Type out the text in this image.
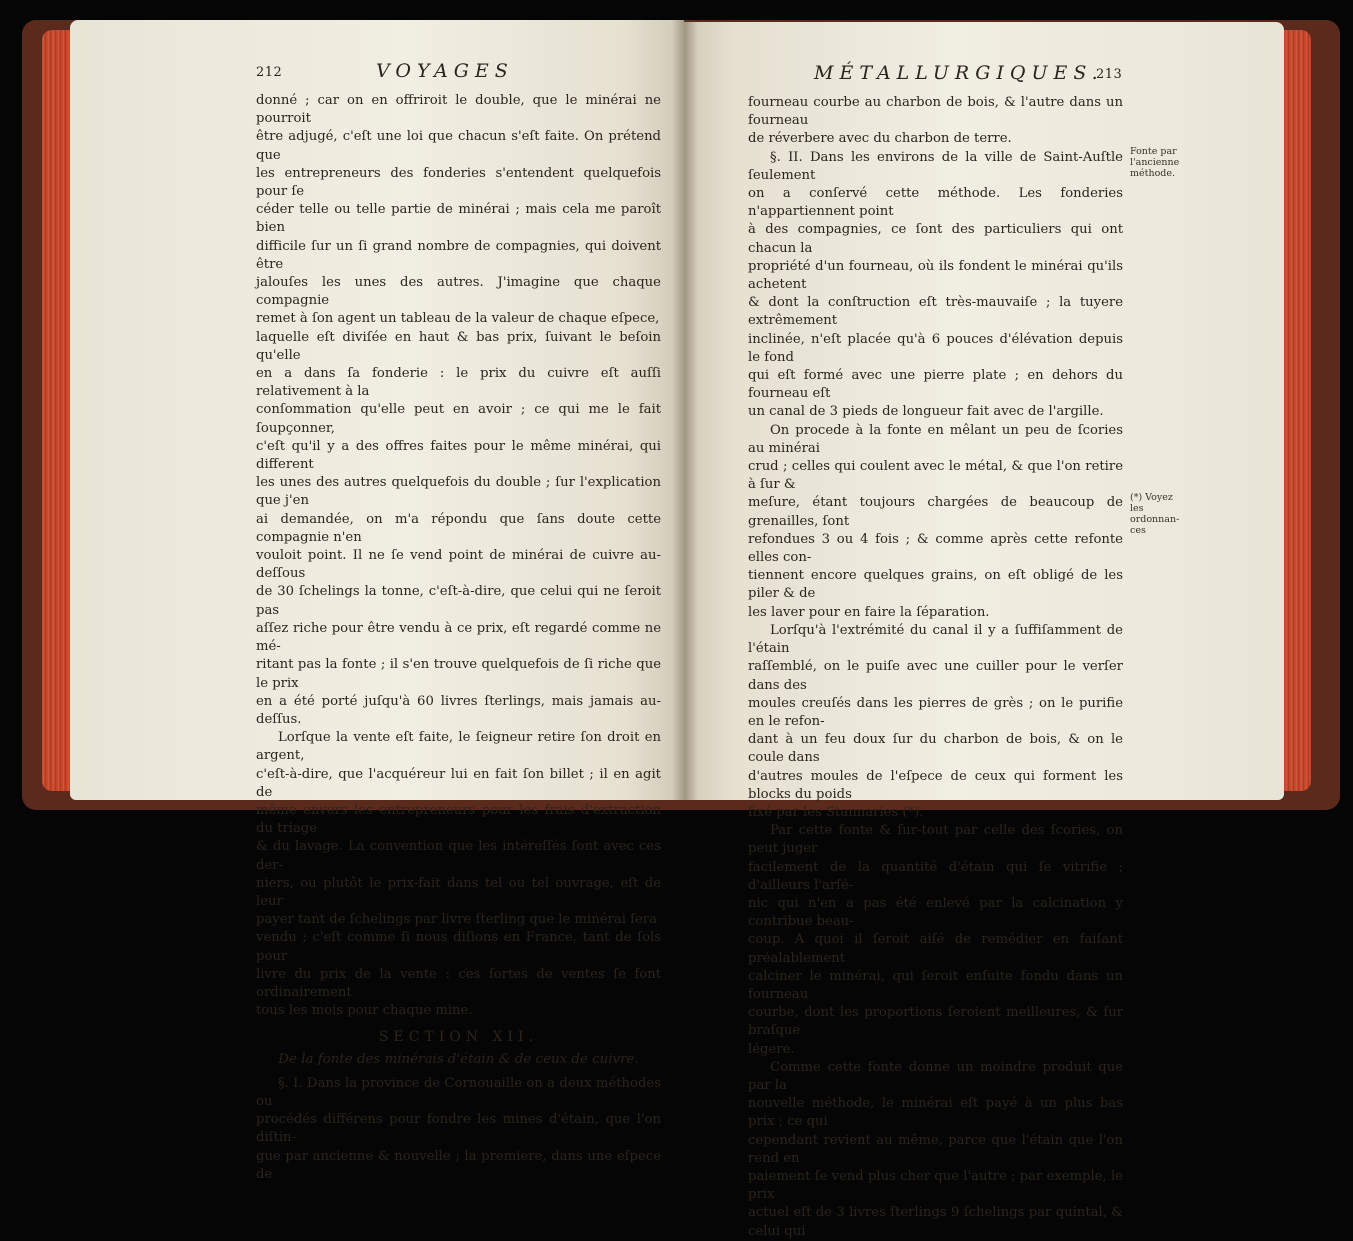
212	VOYAGES

donné ; car on en offriroit le double, que le minérai ne pourroit
être adjugé, c'eſt une loi que chacun s'eſt faite. On prétend que
les entrepreneurs des fonderies s'entendent quelquefois pour ſe
céder telle ou telle partie de minérai ; mais cela me paroît bien
difficile ſur un ſi grand nombre de compagnies, qui doivent être
jalouſes les unes des autres. J'imagine que chaque compagnie
remet à ſon agent un tableau de la valeur de chaque eſpece,
laquelle eſt diviſée en haut & bas prix, ſuivant le beſoin qu'elle
en a dans ſa fonderie : le prix du cuivre eſt auſſi relativement à la
conſommation qu'elle peut en avoir ; ce qui me le fait ſoupçonner,
c'eſt qu'il y a des offres faites pour le même minérai, qui different
les unes des autres quelquefois du double ; ſur l'explication que j'en
ai demandée, on m'a répondu que ſans doute cette compagnie n'en
vouloit point. Il ne ſe vend point de minérai de cuivre au-deſſous
de 30 ſchelings la tonne, c'eſt-à-dire, que celui qui ne ſeroit pas
aſſez riche pour être vendu à ce prix, eſt regardé comme ne mé-
ritant pas la fonte ; il s'en trouve quelquefois de ſi riche que le prix
en a été porté juſqu'à 60 livres ſterlings, mais jamais au-deſſus.

Lorſque la vente eſt faite, le ſeigneur retire ſon droit en argent,
c'eſt-à-dire, que l'acquéreur lui en fait ſon billet ; il en agit de
même envers les entrepreneurs pour les frais d'extraction du triage
& du lavage. La convention que les intéreſſés ſont avec ces der-
niers, ou plutôt le prix-fait dans tel ou tel ouvrage, eſt de leur
payer tant de ſchelings par livre ſterling que le minérai ſera
vendu ; c'eſt comme ſi nous diſions en France, tant de ſols pour
livre du prix de la vente : ces ſortes de ventes ſe font ordinairement
tous les mois pour chaque mine.

SECTION XII.
De la fonte des minérais d'étain & de ceux de cuivre.

§. I. Dans la province de Cornouaille on a deux méthodes ou
procédés différens pour fondre les mines d'étain, que l'on diſtin-
gue par ancienne & nouvelle ; la premiere, dans une eſpece de

MÉTALLURGIQUES.
213

fourneau courbe au charbon de bois, & l'autre dans un fourneau
de réverbere avec du charbon de terre.

§. II. Dans les environs de la ville de Saint-Auſtle ſeulement
on a conſervé cette méthode. Les fonderies n'appartiennent point
à des compagnies, ce ſont des particuliers qui ont chacun la
propriété d'un fourneau, où ils fondent le minérai qu'ils achetent
& dont la conſtruction eſt très-mauvaiſe ; la tuyere extrêmement
inclinée, n'eſt placée qu'à 6 pouces d'élévation depuis le fond
qui eſt formé avec une pierre plate ; en dehors du fourneau eſt
un canal de 3 pieds de longueur fait avec de l'argille.

On procede à la fonte en mêlant un peu de ſcories au minérai
crud ; celles qui coulent avec le métal, & que l'on retire à ſur &
meſure, étant toujours chargées de beaucoup de grenailles, ſont
refondues 3 ou 4 fois ; & comme après cette refonte elles con-
tiennent encore quelques grains, on eſt obligé de les piler & de
les laver pour en faire la ſéparation.

Lorſqu'à l'extrémité du canal il y a ſuffiſamment de l'étain
raſſemblé, on le puiſe avec une cuiller pour le verſer dans des
moules creuſés dans les pierres de grès ; on le purifie en le refon-
dant à un feu doux ſur du charbon de bois, & on le coule dans
d'autres moules de l'eſpece de ceux qui forment les blocks du poids
fixé par les Stannaries (*).

Par cette fonte & ſur-tout par celle des ſcories, on peut juger
facilement de la quantité d'étain qui ſe vitrifie ; d'ailleurs l'arſé-
nic qui n'en a pas été enlevé par la calcination y contribue beau-
coup. A quoi il ſeroit aiſé de remédier en faiſant préalablement
calciner le minérai, qui ſeroit enſuite fondu dans un fourneau
courbe, dont les proportions ſeroient meilleures, & ſur braſque
légere.

Comme cette fonte donne un moindre produit que par la
nouvelle méthode, le minérai eſt payé à un plus bas prix ; ce qui
cependant revient au même, parce que l'étain que l'on rend en
paiement ſe vend plus cher que l'autre ; par exemple, le prix
actuel eſt de 3 livres ſterlings 9 ſchelings par quintal, & celui qui

Fonte par
l'ancienne
méthode.
(*) Voyez les
ordonnan-
ces
